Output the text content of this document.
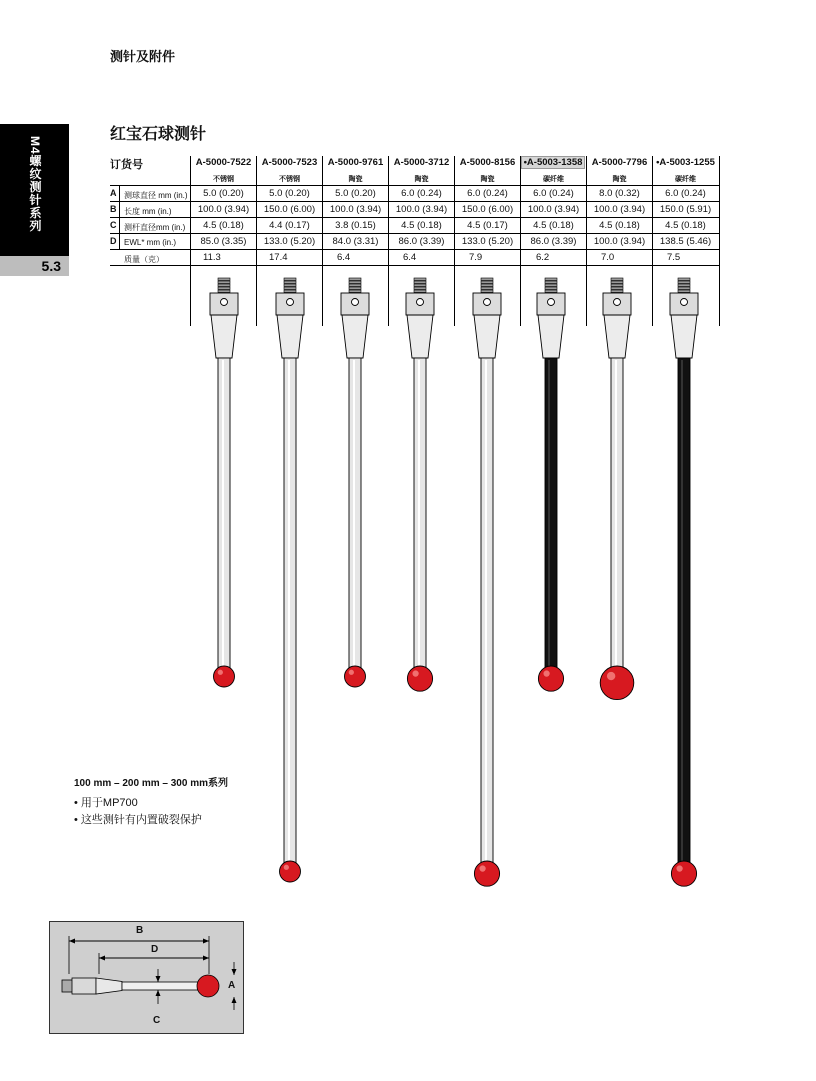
测针及附件
M4螺纹测针系列
5.3
红宝石球测针
订货号
A 测球直径 mm (in.)
B 长度 mm (in.)
C 测杆直径mm (in.)
D EWL* mm (in.)
质量（克）
A-5000-7522
不锈钢
5.0 (0.20)
100.0 (3.94)
4.5 (0.18)
85.0 (3.35)
11.3
A-5000-7523
不锈钢
5.0 (0.20)
150.0 (6.00)
4.4 (0.17)
133.0 (5.20)
17.4
A-5000-9761
陶瓷
5.0 (0.20)
100.0 (3.94)
3.8 (0.15)
84.0 (3.31)
6.4
A-5000-3712
陶瓷
6.0 (0.24)
100.0 (3.94)
4.5 (0.18)
86.0 (3.39)
6.4
A-5000-8156
陶瓷
6.0 (0.24)
150.0 (6.00)
4.5 (0.17)
133.0 (5.20)
7.9
•A-5003-1358
碳纤维
6.0 (0.24)
100.0 (3.94)
4.5 (0.18)
86.0 (3.39)
6.2
A-5000-7796
陶瓷
8.0 (0.32)
100.0 (3.94)
4.5 (0.18)
100.0 (3.94)
7.0
•A-5003-1255
碳纤维
6.0 (0.24)
150.0 (5.91)
4.5 (0.18)
138.5 (5.46)
7.5
100 mm – 200 mm – 300 mm系列
• 用于MP700
• 这些测针有内置破裂保护
B
D
A
C
